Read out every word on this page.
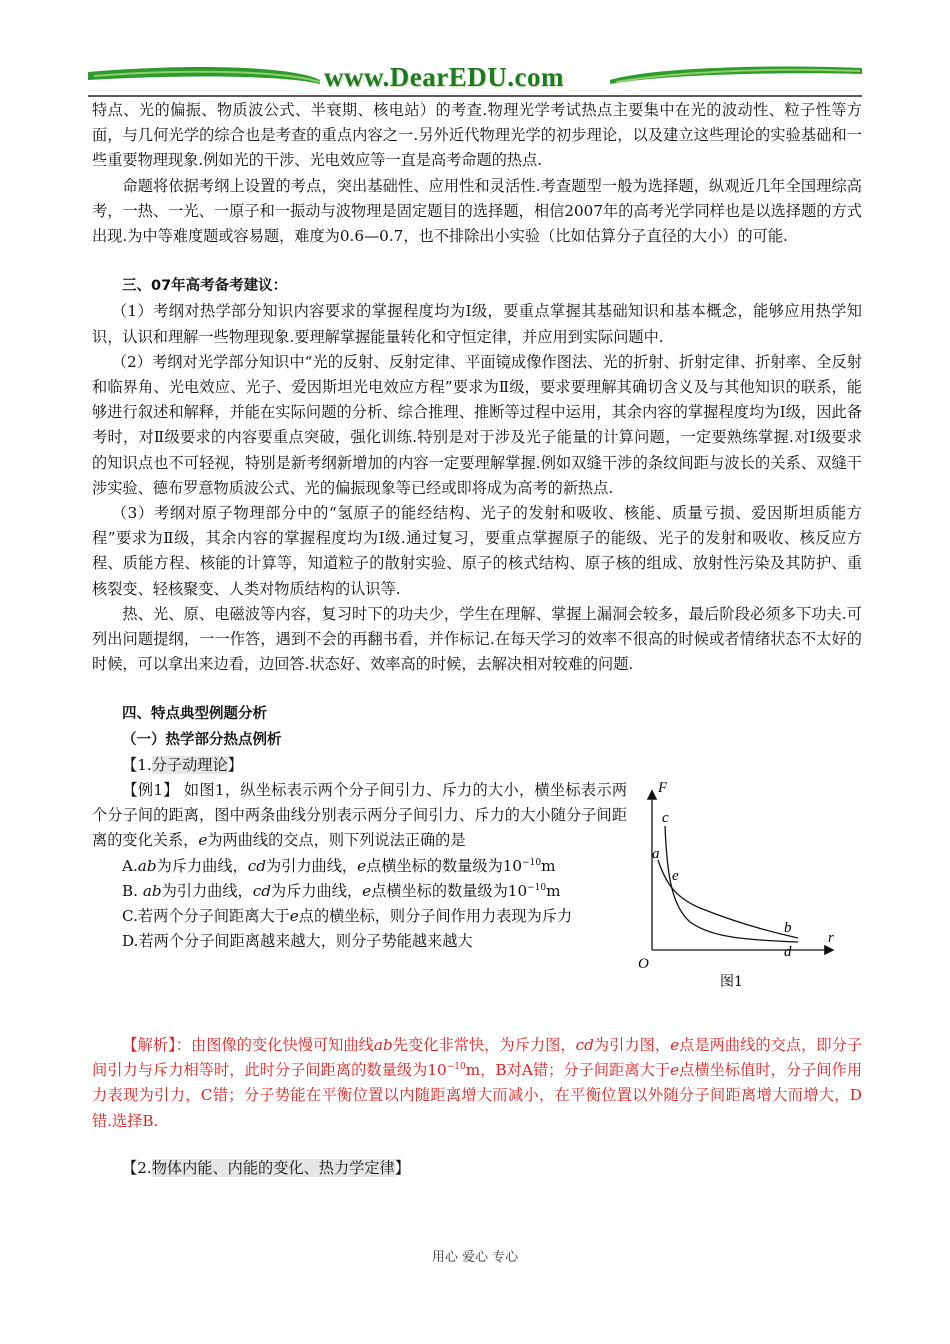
www.DearEDU.com

特点、光的偏振、物质波公式、半衰期、核电站）的考查.物理光学考试热点主要集中在光的波动性、粒子性等方面，与几何光学的综合也是考查的重点内容之一.另外近代物理光学的初步理论，以及建立这些理论的实验基础和一些重要物理现象.例如光的干涉、光电效应等一直是高考命题的热点.

命题将依据考纲上设置的考点，突出基础性、应用性和灵活性.考查题型一般为选择题，纵观近几年全国理综高考，一热、一光、一原子和一振动与波物理是固定题目的选择题，相信2007年的高考光学同样也是以选择题的方式出现.为中等难度题或容易题，难度为0.6—0.7，也不排除出小实验（比如估算分子直径的大小）的可能.

三、07年高考备考建议：

（1）考纲对热学部分知识内容要求的掌握程度均为Ⅰ级，要重点掌握其基础知识和基本概念，能够应用热学知识，认识和理解一些物理现象.要理解掌握能量转化和守恒定律，并应用到实际问题中.

（2）考纲对光学部分知识中“光的反射、反射定律、平面镜成像作图法、光的折射、折射定律、折射率、全反射和临界角、光电效应、光子、爱因斯坦光电效应方程”要求为Ⅱ级，要求要理解其确切含义及与其他知识的联系，能够进行叙述和解释，并能在实际问题的分析、综合推理、推断等过程中运用，其余内容的掌握程度均为Ⅰ级，因此备考时，对Ⅱ级要求的内容要重点突破，强化训练.特别是对于涉及光子能量的计算问题，一定要熟练掌握.对Ⅰ级要求的知识点也不可轻视，特别是新考纲新增加的内容一定要理解掌握.例如双缝干涉的条纹间距与波长的关系、双缝干涉实验、德布罗意物质波公式、光的偏振现象等已经或即将成为高考的新热点.

（3）考纲对原子物理部分中的“氢原子的能经结构、光子的发射和吸收、核能、质量亏损、爱因斯坦质能方程”要求为Ⅱ级，其余内容的掌握程度均为Ⅰ级.通过复习，要重点掌握原子的能级、光子的发射和吸收、核反应方程、质能方程、核能的计算等，知道粒子的散射实验、原子的核式结构、原子核的组成、放射性污染及其防护、重核裂变、轻核聚变、人类对物质结构的认识等.

热、光、原、电磁波等内容，复习时下的功夫少，学生在理解、掌握上漏洞会较多，最后阶段必须多下功夫.可列出问题提纲，一一作答，遇到不会的再翻书看，并作标记.在每天学习的效率不很高的时候或者情绪状态不太好的时候，可以拿出来边看，边回答.状态好、效率高的时候，去解决相对较难的问题.

四、特点典型例题分析

（一）热学部分热点例析

【1.分子动理论】

【例1】 如图1，纵坐标表示两个分子间引力、斥力的大小，横坐标表示两个分子间的距离，图中两条曲线分别表示两分子间引力、斥力的大小随分子间距离的变化关系，e为两曲线的交点，则下列说法正确的是

A.ab为斥力曲线，cd为引力曲线，e点横坐标的数量级为$10^{-10}m$

B. ab为引力曲线，cd为斥力曲线，e点横坐标的数量级为$10^{-10}m$

C.若两个分子间距离大于e点的横坐标，则分子间作用力表现为斥力

D.若两个分子间距离越来越大，则分子势能越来越大

F
r
O
c
a
e
b
d
图1

【解析】：由图像的变化快慢可知曲线ab先变化非常快，为斥力图，cd为引力图，e点是两曲线的交点，即分子间引力与斥力相等时，此时分子间距离的数量级为$10^{-10}m$，B对A错；分子间距离大于e点横坐标值时，分子间作用力表现为引力，C错；分子势能在平衡位置以内随距离增大而减小，在平衡位置以外随分子间距离增大而增大，D错.选择B.

【2.物体内能、内能的变化、热力学定律】

用心 爱心 专心
